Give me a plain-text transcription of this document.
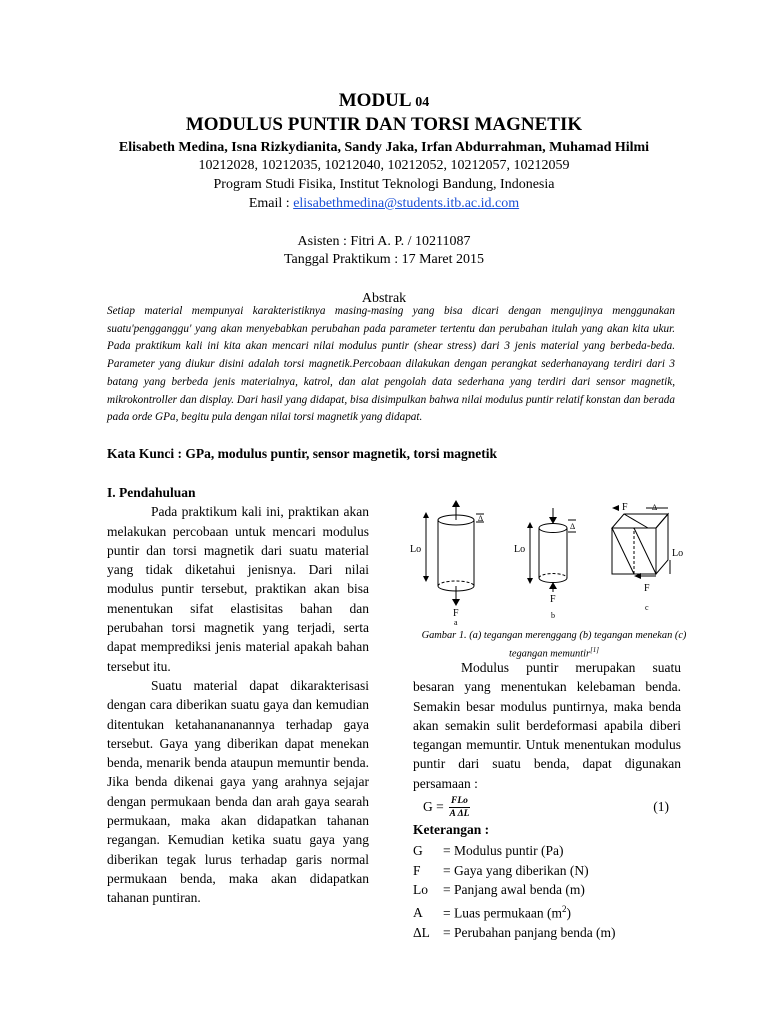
MODUL 04
MODULUS PUNTIR DAN TORSI MAGNETIK
Elisabeth Medina, Isna Rizkydianita, Sandy Jaka, Irfan Abdurrahman, Muhamad Hilmi
10212028, 10212035, 10212040, 10212052, 10212057, 10212059
Program Studi Fisika, Institut Teknologi Bandung, Indonesia
Email : elisabethmedina@students.itb.ac.id.com
Asisten : Fitri A. P. / 10211087
Tanggal Praktikum : 17 Maret 2015
Abstrak
Setiap material mempunyai karakteristiknya masing-masing yang bisa dicari dengan mengujinya menggunakan suatu'pengganggu' yang akan menyebabkan perubahan pada parameter tertentu dan perubahan itulah yang akan kita ukur. Pada praktikum kali ini kita akan mencari nilai modulus puntir (shear stress) dari 3 jenis material yang berbeda-beda. Parameter yang diukur disini adalah torsi magnetik.Percobaan dilakukan dengan perangkat sederhanayang terdiri dari 3 batang yang berbeda jenis materialnya, katrol, dan alat pengolah data sederhana yang terdiri dari sensor magnetik, mikrokontroller dan display. Dari hasil yang didapat, bisa disimpulkan bahwa nilai modulus puntir relatif konstan dan berada pada orde GPa, begitu pula dengan nilai torsi magnetik yang didapat.
Kata Kunci : GPa, modulus puntir, sensor magnetik, torsi magnetik
I. Pendahuluan

Pada praktikum kali ini, praktikan akan melakukan percobaan untuk mencari modulus puntir dan torsi magnetik dari suatu material yang tidak diketahui jenisnya. Dari nilai modulus puntir tersebut, praktikan akan bisa menentukan sifat elastisitas bahan dan perubahan torsi magnetik yang terjadi, serta dapat memprediksi jenis material apakah bahan tersebut itu.

Suatu material dapat dikarakterisasi dengan cara diberikan suatu gaya dan kemudian ditentukan ketahanananannya terhadap gaya tersebut. Gaya yang diberikan dapat menekan benda, menarik benda ataupun memuntir benda. Jika benda dikenai gaya yang arahnya sejajar dengan permukaan benda dan arah gaya searah permukaan, maka akan didapatkan tahanan regangan. Kemudian ketika suatu gaya yang diberikan tegak lurus terhadap garis normal permukaan benda, maka akan didapatkan tahanan puntiran.

F
a
Lo
Δ
F
b
Lo
Δ
F
F
c
Lo
Δ
Gambar 1. (a) tegangan merenggang (b) tegangan menekan (c) tegangan memuntir[1]

Modulus puntir merupakan suatu besaran yang menentukan kelebaman benda. Semakin besar modulus puntirnya, maka benda akan semakin sulit berdeformasi apabila diberi tegangan memuntir. Untuk menentukan modulus puntir dari suatu benda, dapat digunakan persamaan :

G = FLo
A ΔL	(1)
Keterangan :
G = Modulus puntir (Pa)
F = Gaya yang diberikan (N)
Lo = Panjang awal benda (m)
A = Luas permukaan $(m^2)$
ΔL = Perubahan panjang benda (m)
